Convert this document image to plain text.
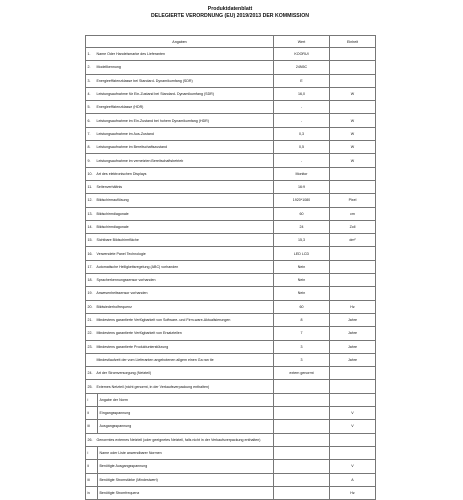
Produktdatenblatt
DELEGIERTE VERORDNUNG (EU) 2019/2013 DER KOMMISSION
Angaben	Wert	Einheit
1. Name Oder Handelsmarke des Lieferanten	KOORUI	
2. Modellkennung	24N5C	
3. Energieeffizienzklasse bei Standard- Dynamikumfang (SDR)	E	
4. Leistungsaufnahme für Ein-Zustand bei Standard- Dynamikumfang (SDR)	16,0	W
5. Energieeffizienzklasse (HDR)	-	
6. Leistungsaufnahme im Ein-Zustand bei hohem Dynamikumfang (HDR)	-	W
7. Leistungsaufnahme im Aus-Zustand	0,3	W
8. Leistungsaufnahme im Bereitschaftszustand	0,5	W
9. Leistungsaufnahme im vernetzten Bereitschaftsbetrieb	-	W
10. Art des elektronischen Displays	Monitor	
11. Seitenverhältnis	16:9	
12. Bildschirmauflösung	1920*1080	Pixel
13. Bildschirmdiagonale	60	cm
14. Bildschirmdiagonale	24	Zoll
15. Sichtbare Bildschirmfläche	15,3	dm²
16. Verwendete Panel Technologie	LED LCD	
17. Automatische Helligkeitsregelung (ABC) vorhanden	Nein	
18. Spracherkennungssensor vorhanden	Nein	
19. Anwesenheitssensor vorhanden	Nein	
20. Bildwiederholfrequenz	60	Hz
21. Mindestens garantierte Verfügbarkeit von Software- und Firm-ware-Aktualisierungen	8	Jahre
22. Mindestens garantierte Verfügbarkeit von Ersatzteilen	7	Jahre
23. Mindestens garantierte Produktunterstützung	3	Jahre
Mindestlaufzeit der vom Lieferanten angebotenen allgem einen Ga ran tie	3	Jahre
24. Art der Stromversorgung (Netzteil)	extern genormt	
25. Externes Netzteil (nicht genormt, in der Verkaufsverpackung enthalten)		

i Angabe der Norm		

ii Eingangsspannung		V

iii Ausgangsspannung		V
26. Genormtes externes Netzteil (oder geeignetes Netzteil, falls nicht in der Verkaufsverpackung enthalten)		

i Name oder Liste anwendbarer Normen		

ii Benötigte Ausgangsspannung		V

iii Benötigte Stromstärke (Mindestwert)		A

iv Benötigte Stromfrequenz		Hz
